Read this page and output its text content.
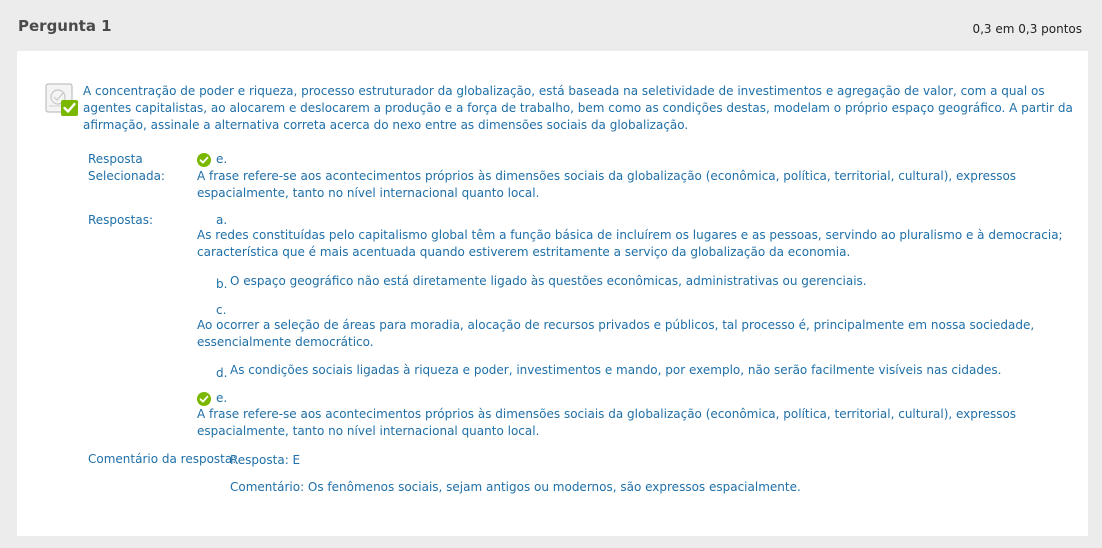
Pergunta 1	0,3 em 0,3 pontos
A concentração de poder e riqueza, processo estruturador da globalização, está baseada na seletividade de investimentos e agregação de valor, com a qual os agentes capitalistas, ao alocarem e deslocarem a produção e a força de trabalho, bem como as condições destas, modelam o próprio espaço geográfico. A partir da afirmação, assinale a alternativa correta acerca do nexo entre as dimensões sociais da globalização.
Resposta
Selecionada:
e.
A frase refere-se aos acontecimentos próprios às dimensões sociais da globalização (econômica, política, territorial, cultural), expressos espacialmente, tanto no nível internacional quanto local.
Respostas:	a.
As redes constituídas pelo capitalismo global têm a função básica de incluírem os lugares e as pessoas, servindo ao pluralismo e à democracia; característica que é mais acentuada quando estiverem estritamente a serviço da globalização da economia.
b. O espaço geográfico não está diretamente ligado às questões econômicas, administrativas ou gerenciais.
c.
Ao ocorrer a seleção de áreas para moradia, alocação de recursos privados e públicos, tal processo é, principalmente em nossa sociedade, essencialmente democrático.
d. As condições sociais ligadas à riqueza e poder, investimentos e mando, por exemplo, não serão facilmente visíveis nas cidades.
e.
A frase refere-se aos acontecimentos próprios às dimensões sociais da globalização (econômica, política, territorial, cultural), expressos espacialmente, tanto no nível internacional quanto local.
Comentário da resposta:
Resposta: E
Comentário: Os fenômenos sociais, sejam antigos ou modernos, são expressos espacialmente.
